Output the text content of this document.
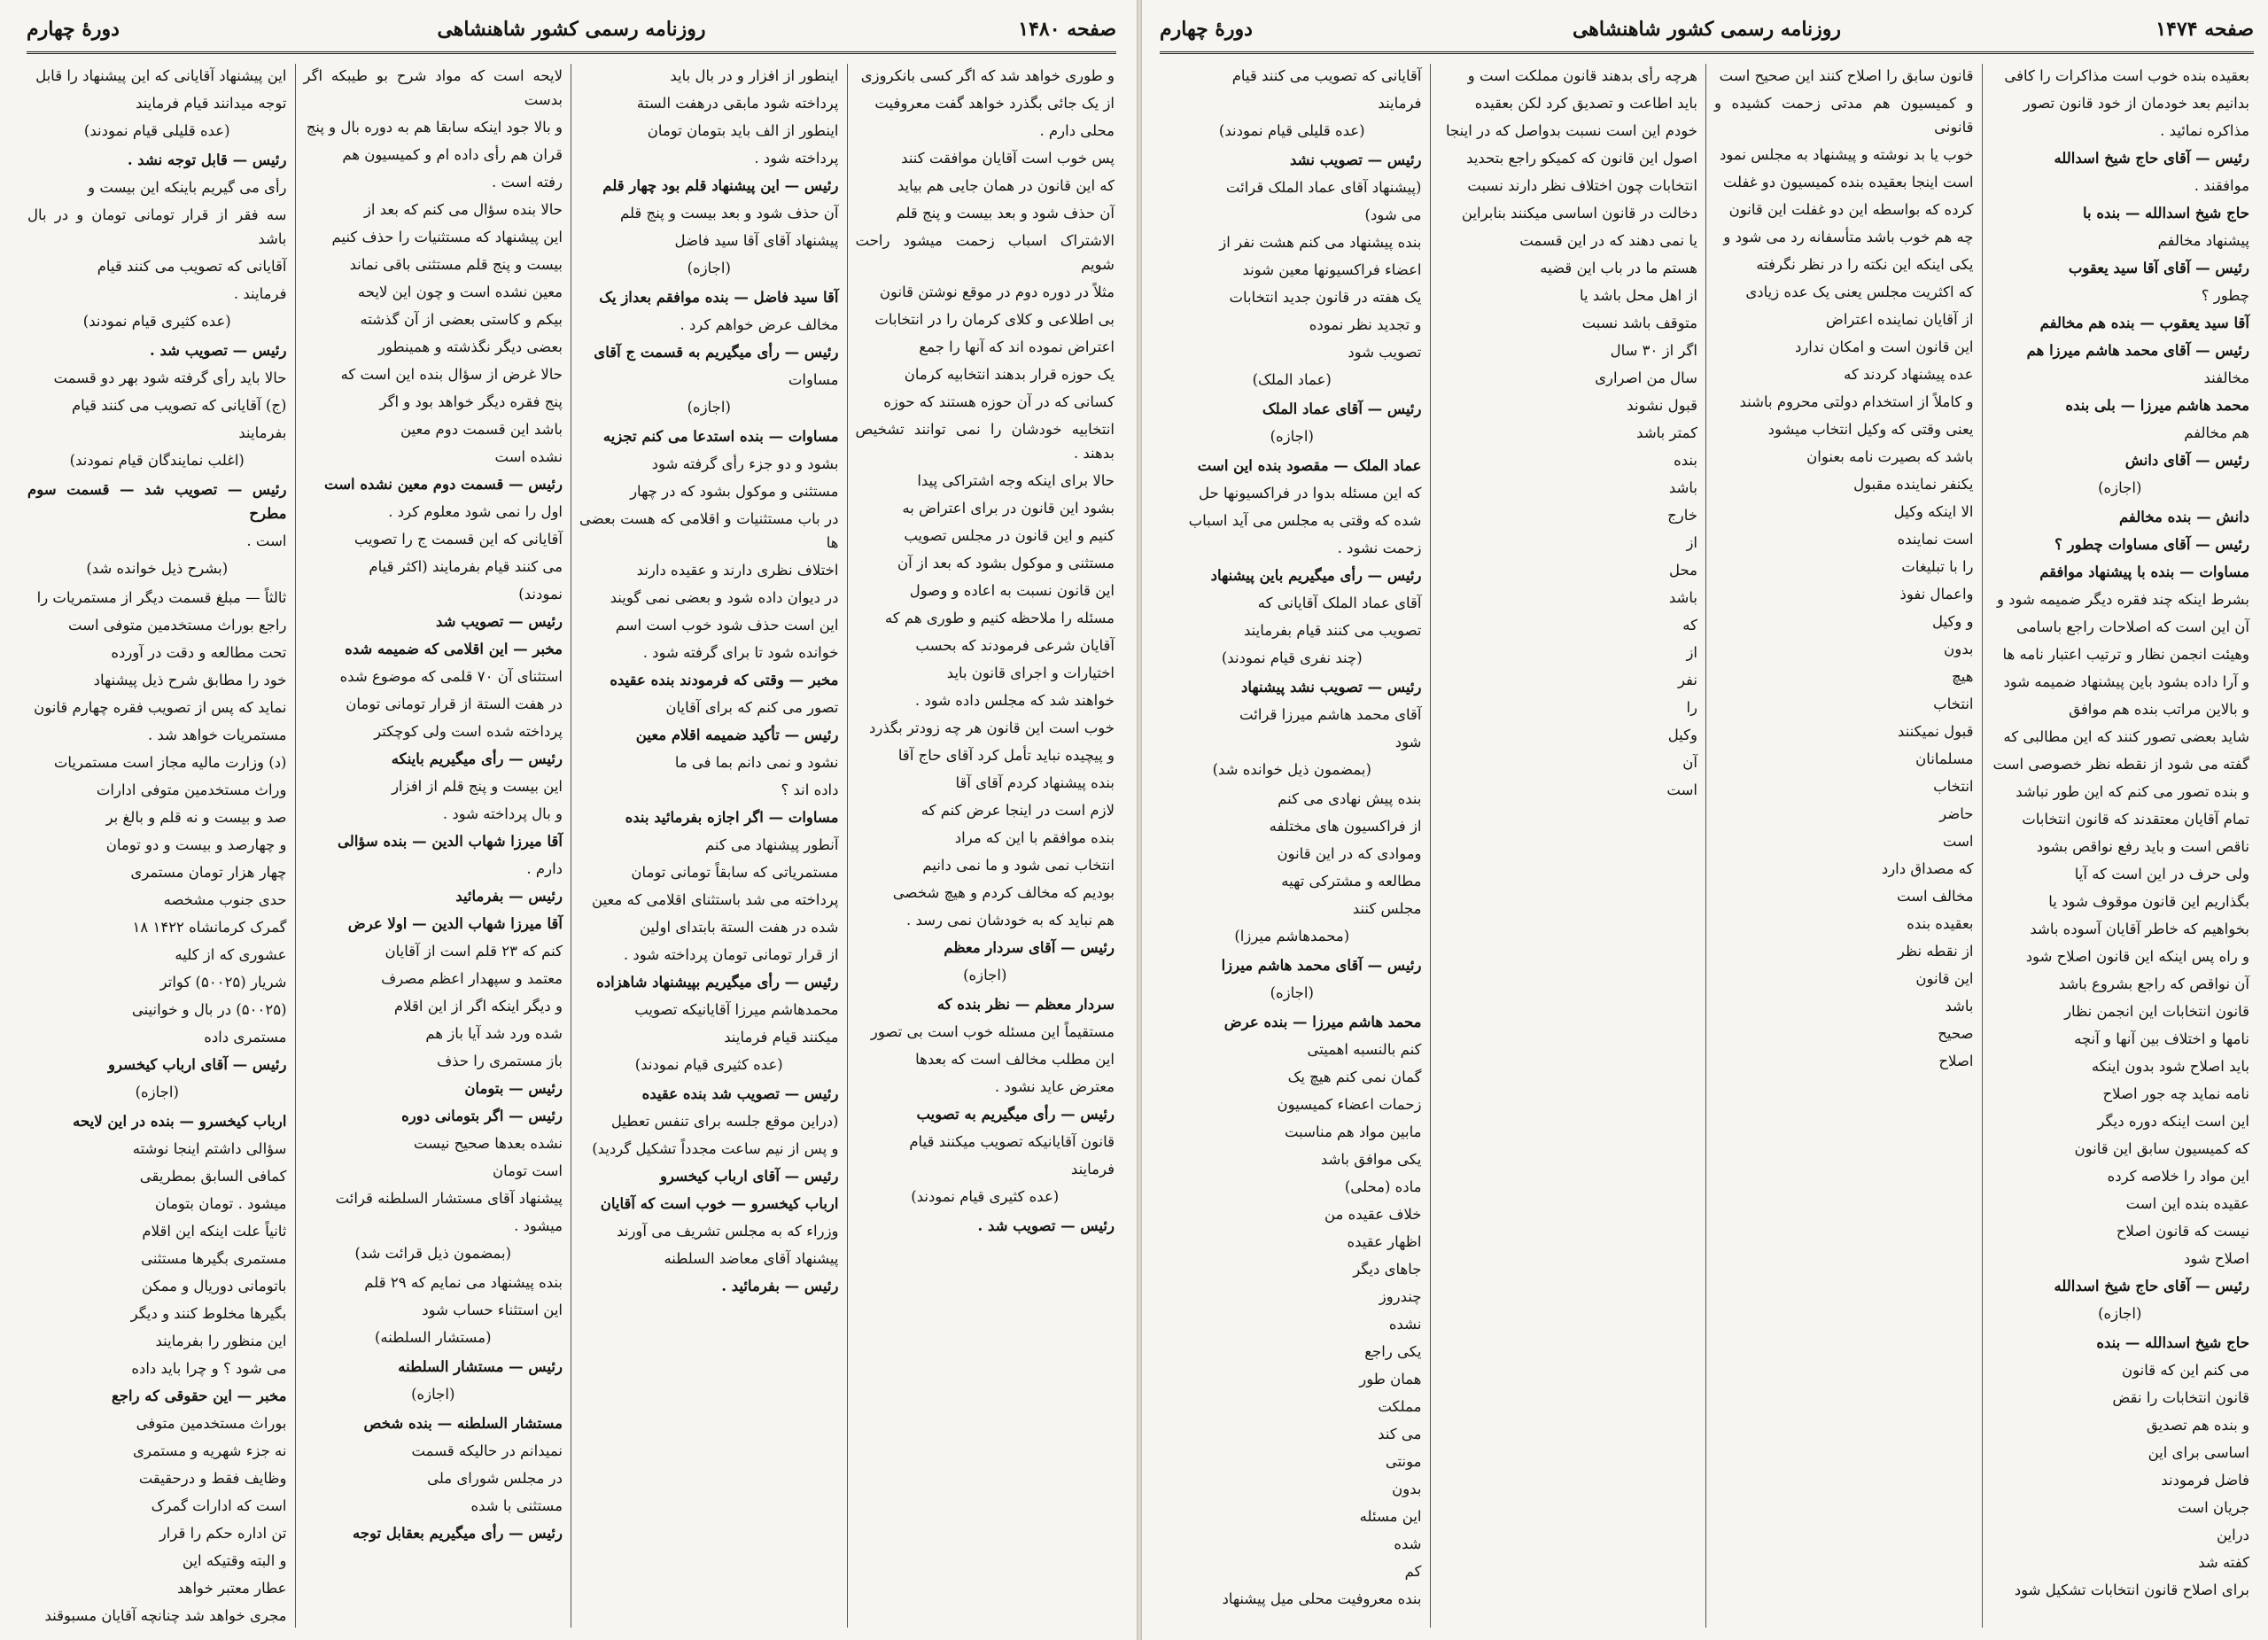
صفحه ۱۴۸۰
روزنامه رسمی کشور شاهنشاهی
دورهٔ چهارم

و طوری خواهد شد که اگر کسی بانکروزی

از یک جائی بگذرد خواهد گفت معروفیت

محلی دارم .

پس خوب است آقایان موافقت کنند

که این قانون در همان جایی هم بیاید

آن حذف شود و بعد بیست و پنج قلم

الاشتراک اسباب زحمت میشود راحت شویم

مثلاً در دوره دوم در موقع نوشتن قانون

بی اطلاعی و کلای کرمان را در انتخابات

اعتراض نموده اند که آنها را جمع

یک حوزه قرار بدهند انتخابیه کرمان

کسانی که در آن حوزه هستند که حوزه

انتخابیه خودشان را نمی توانند تشخیص بدهند .

حالا برای اینکه وجه اشتراکی پیدا

بشود این قانون در برای اعتراض به

کنیم و این قانون در مجلس تصویب

مستثنی و موکول بشود که بعد از آن

این قانون نسبت به اعاده و وصول

مسئله را ملاحظه کنیم و طوری هم که

آقایان شرعی فرمودند که بحسب

اختیارات و اجرای قانون باید

خواهند شد که مجلس داده شود .

خوب است این قانون هر چه زودتر بگذرد

و پیچیده نباید تأمل کرد آقای حاج آقا

بنده پیشنهاد کردم آقای آقا

لازم است در اینجا عرض کنم که

بنده موافقم با این که مراد

انتخاب نمی شود و ما نمی دانیم

بودیم که مخالف کردم و هیچ شخصی

هم نباید که به خودشان نمی رسد .

رئیس — آقای سردار معظم

(اجازه)

سردار معظم — نظر بنده که

مستقیماً این مسئله خوب است بی تصور

این مطلب مخالف است که بعدها

معترض عاید نشود .

رئیس — رأی میگیریم به تصویب

قانون آقایانیکه تصویب میکنند قیام

فرمایند

(عده کثیری قیام نمودند)

رئیس — تصویب شد .

اینطور از افزار و در بال باید

پرداخته شود مابقی درهفت الستة

اینطور از الف باید بتومان تومان

پرداخته شود .

رئیس — این پیشنهاد قلم بود چهار قلم

آن حذف شود و بعد بیست و پنج قلم

پیشنهاد آقای آقا سید فاضل

(اجازه)

آقا سید فاضل — بنده موافقم بعداز یک

مخالف عرض خواهم کرد .

رئیس — رأی میگیریم به قسمت ج آقای

مساوات

(اجازه)

مساوات — بنده استدعا می کنم تجزیه

بشود و دو جزء رأی گرفته شود

مستثنی و موکول بشود که در چهار

در باب مستثنیات و اقلامی که هست بعضی ها

اختلاف نظری دارند و عقیده دارند

در دیوان داده شود و بعضی نمی گویند

این است حذف شود خوب است اسم

خوانده شود تا برای گرفته شود .

مخبر — وقتی که فرمودند بنده عقیده

تصور می کنم که برای آقایان

رئیس — تأکید ضمیمه اقلام معین

نشود و نمی دانم بما فی ما

داده اند ؟

مساوات — اگر اجازه بفرمائید بنده

آنطور پیشنهاد می کنم

مستمریاتی که سابقاً تومانی تومان

پرداخته می شد باستثنای اقلامی که معین

شده در هفت الستة بابتدای اولین

از قرار تومانی تومان پرداخته شود .

رئیس — رأی میگیریم بپیشنهاد شاهزاده

محمدهاشم میرزا آقایانیکه تصویب

میکنند قیام فرمایند

(عده کثیری قیام نمودند)

رئیس — تصویب شد بنده عقیده

(دراین موقع جلسه برای تنفس تعطیل

و پس از نیم ساعت مجدداً تشکیل گردید)

رئیس — آقای ارباب کیخسرو

ارباب کیخسرو — خوب است که آقایان

وزراء که به مجلس تشریف می آورند

پیشنهاد آقای معاضد السلطنه

رئیس — بفرمائید .

لایحه است که مواد شرح بو طیبکه اگر بدست

و بالا جود اینکه سابقا هم به دوره بال و پنج

قران هم رأی داده ام و کمیسیون هم

رفته است .

حالا بنده سؤال می کنم که بعد از

این پیشنهاد که مستثنیات را حذف کنیم

بیست و پنج قلم مستثنی باقی نماند

معین نشده است و چون این لایحه

بیکم و کاستی بعضی از آن گذشته

بعضی دیگر نگذشته و همینطور

حالا غرض از سؤال بنده این است که

پنج فقره دیگر خواهد بود و اگر

باشد این قسمت دوم معین

نشده است

رئیس — قسمت دوم معین نشده است

اول را نمی شود معلوم کرد .

آقایانی که این قسمت ج را تصویب

می کنند قیام بفرمایند (اکثر قیام

نمودند)

رئیس — تصویب شد

مخبر — این اقلامی که ضمیمه شده

استثنای آن ۷۰ قلمی که موضوع شده

در هفت الستة از قرار تومانی تومان

پرداخته شده است ولی کوچکتر

رئیس — رأی میگیریم باینکه

این بیست و پنج قلم از افزار

و بال پرداخته شود .

آقا میرزا شهاب الدین — بنده سؤالی

دارم .

رئیس — بفرمائید

آقا میرزا شهاب الدین — اولا عرض

کنم که ۲۳ قلم است از آقایان

معتمد و سپهدار اعظم مصرف

و دیگر اینکه اگر از این اقلام

شده ورد شد آیا باز هم

باز مستمری را حذف

رئیس — بتومان

رئیس — اگر بتومانی دوره

نشده بعدها صحیح نیست

است تومان

پیشنهاد آقای مستشار السلطنه قرائت

میشود .

(بمضمون ذیل قرائت شد)

بنده پیشنهاد می نمایم که ۲۹ قلم

این استثناء حساب شود

(مستشار السلطنه)

رئیس — مستشار السلطنه

(اجازه)

مستشار السلطنه — بنده شخص

نمیدانم در حالیکه قسمت

در مجلس شورای ملی

مستثنی با شده

رئیس — رأی میگیریم بعقابل توجه

این پیشنهاد آقایانی که این پیشنهاد را قابل

توجه میدانند قیام فرمایند

(عده قلیلی قیام نمودند)

رئیس — قابل توجه نشد .

رأی می گیریم باینکه این بیست و

سه فقر از قرار تومانی تومان و در بال باشد

آقایانی که تصویب می کنند قیام

فرمایند .

(عده کثیری قیام نمودند)

رئیس — تصویب شد .

حالا باید رأی گرفته شود بهر دو قسمت

(ج) آقایانی که تصویب می کنند قیام

بفرمایند

(اغلب نمایندگان قیام نمودند)

رئیس — تصویب شد — قسمت سوم مطرح

است .

(بشرح ذیل خوانده شد)

ثالثاً — مبلغ قسمت دیگر از مستمریات را

راجع بوراث مستخدمین متوفی است

تحت مطالعه و دقت در آورده

خود را مطابق شرح ذیل پیشنهاد

نماید که پس از تصویب فقره چهارم قانون

مستمریات خواهد شد .

(د) وزارت مالیه مجاز است مستمریات

وراث مستخدمین متوفی ادارات

صد و بیست و نه قلم و بالغ بر

و چهارصد و بیست و دو تومان

چهار هزار تومان مستمری

حدی جنوب مشخصه

گمرک کرمانشاه ۱۴۲۲ ۱۸

عشوری که از کلیه

شریار (۵۰۰۲۵) کواتر

(۵۰۰۲۵) در بال و خوانینی

مستمری داده

رئیس — آقای ارباب کیخسرو

(اجازه)

ارباب کیخسرو — بنده در این لایحه

سؤالی داشتم اینجا نوشته

کمافی السابق بمطریقی

میشود . تومان بتومان

ثانیاً علت اینکه این اقلام

مستمری بگیرها مستثنی

باتومانی دوریال و ممکن

بگیرها مخلوط کنند و دیگر

این منظور را بفرمایند

می شود ؟ و چرا باید داده

مخبر — این حقوقی که راجع

بوراث مستخدمین متوفی

نه جزء شهریه و مستمری

وظایف فقط و درحقیقت

است که ادارات گمرک

تن اداره حکم را قرار

و البته وقتیکه این

عطار معتبر خواهد

مجری خواهد شد چنانچه آقایان مسبوقند

صفحه ۱۴۷۴
روزنامه رسمی کشور شاهنشاهی
دورهٔ چهارم

بعقیده بنده خوب است مذاکرات را کافی

بدانیم بعد خودمان از خود قانون تصور

مذاکره نمائید .

رئیس — آقای حاج شیخ اسدالله

موافقند .

حاج شیخ اسدالله — بنده با

پیشنهاد مخالفم

رئیس — آقای آقا سید یعقوب

چطور ؟

آقا سید یعقوب — بنده هم مخالفم

رئیس — آقای محمد هاشم میرزا هم

مخالفند

محمد هاشم میرزا — بلی بنده

هم مخالفم

رئیس — آقای دانش

(اجازه)

دانش — بنده مخالفم

رئیس — آقای مساوات چطور ؟

مساوات — بنده با پیشنهاد موافقم

بشرط اینکه چند فقره دیگر ضمیمه شود و

آن این است که اصلاحات راجع باسامی

وهیئت انجمن نظار و ترتیب اعتبار نامه ها

و آرا داده بشود باین پیشنهاد ضمیمه شود

و بالاین مراتب بنده هم موافق

شاید بعضی تصور کنند که این مطالبی که

گفته می شود از نقطه نظر خصوصی است

و بنده تصور می کنم که این طور نباشد

تمام آقایان معتقدند که قانون انتخابات

ناقص است و باید رفع نواقص بشود

ولی حرف در این است که آیا

بگذاریم این قانون موقوف شود یا

بخواهیم که خاطر آقایان آسوده باشد

و راه پس اینکه این قانون اصلاح شود

آن نواقص که راجع بشروع باشد

قانون انتخابات این انجمن نظار

نامها و اختلاف بین آنها و آنچه

باید اصلاح شود بدون اینکه

نامه نماید چه جور اصلاح

این است اینکه دوره دیگر

که کمیسیون سابق این قانون

این مواد را خلاصه کرده

عقیده بنده این است

نیست که قانون اصلاح

اصلاح شود

رئیس — آقای حاج شیخ اسدالله

(اجازه)

حاج شیخ اسدالله — بنده

می کنم این که قانون

قانون انتخابات را نقض

و بنده هم تصدیق

اساسی برای این

فاضل فرمودند

جریان است

دراین

کفته شد

برای اصلاح قانون انتخابات تشکیل شود

قانون سابق را اصلاح کنند این صحیح است

و کمیسیون هم مدتی زحمت کشیده و قانونی

خوب یا بد نوشته و پیشنهاد به مجلس نمود

است اینجا بعقیده بنده کمیسیون دو غفلت

کرده که بواسطه این دو غفلت این قانون

چه هم خوب باشد متأسفانه رد می شود و

یکی اینکه این نکته را در نظر نگرفته

که اکثریت مجلس یعنی یک عده زیادی

از آقایان نماینده اعتراض

این قانون است و امکان ندارد

عده پیشنهاد کردند که

و کاملاً از استخدام دولتی محروم باشند

یعنی وقتی که وکیل انتخاب میشود

باشد که بصیرت نامه بعنوان

یکنفر نماینده مقبول

الا اینکه وکیل

است نماینده

را با تبلیغات

واعمال نفوذ

و وکیل

بدون

هیچ

انتخاب

قبول نمیکنند

مسلمانان

انتخاب

حاضر

است

که مصداق دارد

مخالف است

بعقیده بنده

از نقطه نظر

این قانون

باشد

صحیح

اصلاح

هرچه رأی بدهند قانون مملکت است و

باید اطاعت و تصدیق کرد لکن بعقیده

خودم این است نسبت بدواصل که در اینجا

اصول این قانون که کمیکو راجع بتحدید

انتخابات چون اختلاف نظر دارند نسبت

دخالت در قانون اساسی میکنند بنابراین

یا نمی دهند که در این قسمت

هستم ما در باب این قضیه

از اهل محل باشد یا

متوقف باشد نسبت

اگر از ۳۰ سال

سال من اصراری

قبول نشوند

کمتر باشد

بنده

باشد

خارج

از

محل

باشد

که

از

نفر

را

وکیل

آن

است

آقایانی که تصویب می کنند قیام

فرمایند

(عده قلیلی قیام نمودند)

رئیس — تصویب نشد

(پیشنهاد آقای عماد الملک قرائت

می شود)

بنده پیشنهاد می کنم هشت نفر از

اعضاء فراکسیونها معین شوند

یک هفته در قانون جدید انتخابات

و تجدید نظر نموده

تصویب شود

(عماد الملک)

رئیس — آقای عماد الملک

(اجازه)

عماد الملک — مقصود بنده این است

که این مسئله بدوا در فراکسیونها حل

شده که وقتی به مجلس می آید اسباب

زحمت نشود .

رئیس — رأی میگیریم باین پیشنهاد

آقای عماد الملک آقایانی که

تصویب می کنند قیام بفرمایند

(چند نفری قیام نمودند)

رئیس — تصویب نشد پیشنهاد

آقای محمد هاشم میرزا قرائت

شود

(بمضمون ذیل خوانده شد)

بنده پیش نهادی می کنم

از فراکسیون های مختلفه

وموادی که در این قانون

مطالعه و مشترکی تهیه

مجلس کنند

(محمدهاشم میرزا)

رئیس — آقای محمد هاشم میرزا

(اجازه)

محمد هاشم میرزا — بنده عرض

کنم بالنسبه اهمیتی

گمان نمی کنم هیچ یک

زحمات اعضاء کمیسیون

مابین مواد هم مناسبت

یکی موافق باشد

ماده (محلی)

خلاف عقیده من

اظهار عقیده

جاهای دیگر

چندروز

نشده

یکی راجع

همان طور

مملکت

می کند

مونتی

بدون

این مسئله

شده

کم

بنده معروفیت محلی میل پیشنهاد
